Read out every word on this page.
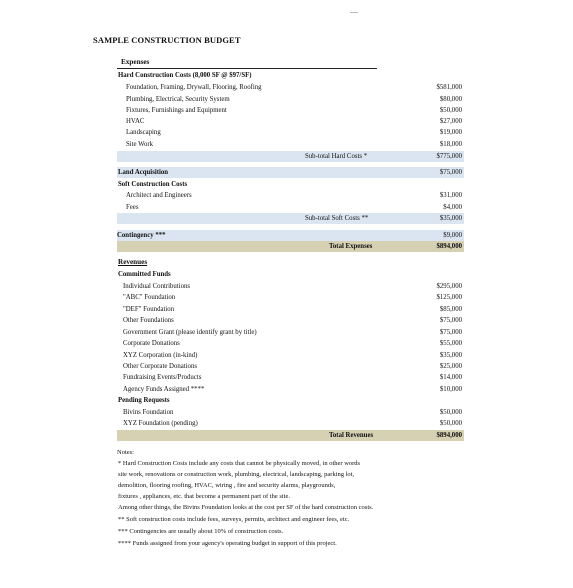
SAMPLE CONSTRUCTION BUDGET
Expenses
Hard Construction Costs (8,000 SF @ $97/SF)
Foundation, Framing, Drywall, Flooring, Roofing	$581,000
Plumbing, Electrical, Security System	$80,000
Fixtures, Furnishings and Equipment	$50,000
HVAC	$27,000
Landscaping	$19,000
Site Work	$18,000
Sub-total Hard Costs *	$775,000
Land Acquisition	$75,000
Soft Construction Costs
Architect and Engineers	$31,000
Fees	$4,000
Sub-total Soft Costs **	$35,000
Contingency ***	$9,000
Total Expenses	$894,000
Revenues
Committed Funds
Individual Contributions	$295,000
"ABC" Foundation	$125,000
"DEF" Foundation	$85,000
Other Foundations	$75,000
Government Grant (please identify grant by title)	$75,000
Corporate Donations	$55,000
XYZ Corporation (in-kind)	$35,000
Other Corporate Donations	$25,000
Fundraising Events/Products	$14,000
Agency Funds Assigned ****	$10,000
Pending Requests
Bivins Foundation	$50,000
XYZ Foundation (pending)	$50,000
Total Revenues	$894,000
Notes:
* Hard Construction Costs include any costs that cannot be physically moved, in other words
site work, renovations or construction work, plumbing, electrical, landscaping, parking lot,
demolition, flooring roofing, HVAC, wiring , fire and security alarms, playgrounds,
fixtures , appliances, etc. that become a permanent part of the site.
Among other things, the Bivins Foundation looks at the cost per SF of the hard construction costs.
** Soft construction costs include fees, surveys, permits, architect and engineer fees, etc.
*** Contingencies are usually about 10% of construction costs.
**** Funds assigned from your agency's operating budget in support of this project.
